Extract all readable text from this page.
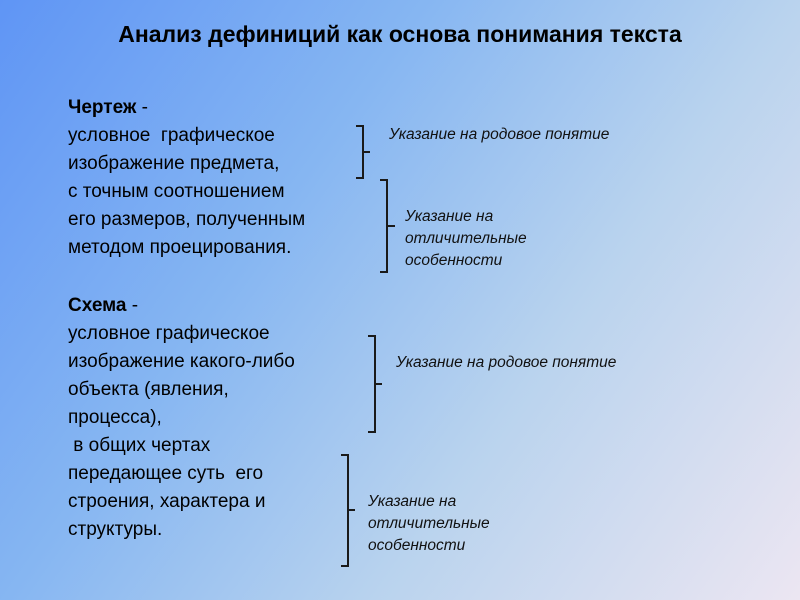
Анализ дефиниций как основа понимания текста
Чертеж -
условное  графическое
изображение предмета,
с точным соотношением
его размеров, полученным
методом проецирования.
Схема -
условное графическое
изображение какого-либо
объекта (явления,
процесса),
в общих чертах
передающее суть  его
строения, характера и
структуры.
Указание на родовое понятие
Указание на отличительные особенности
Указание на родовое понятие
Указание на отличительные особенности
